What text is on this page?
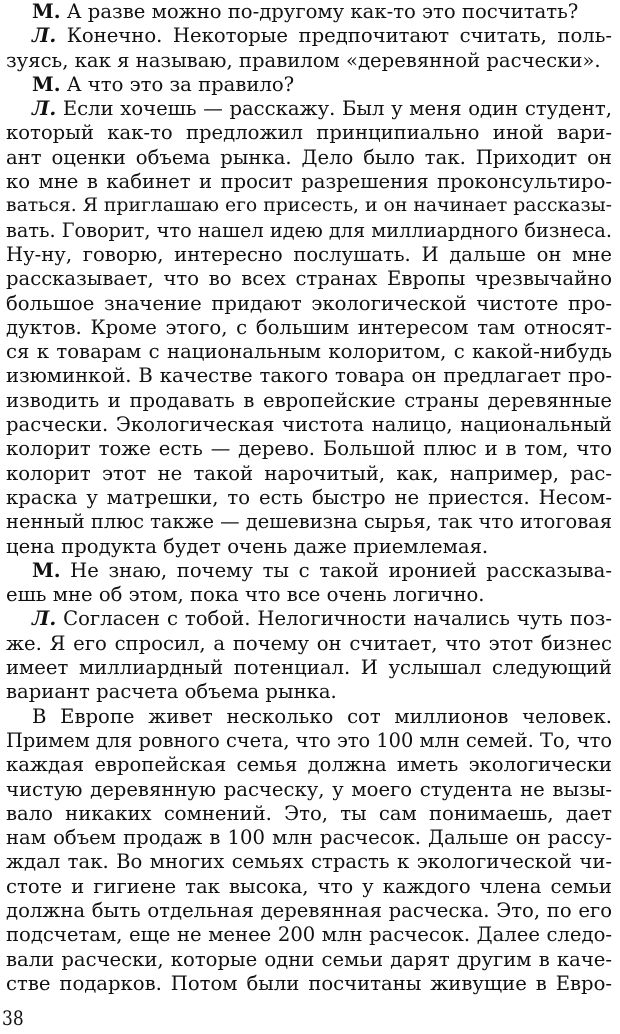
М. А разве можно по-другому как-то это посчитать?
Л. Конечно. Некоторые предпочитают считать, поль-
зуясь, как я называю, правилом «деревянной расчески».
М. А что это за правило?
Л. Если хочешь — расскажу. Был у меня один студент,
который как-то предложил принципиально иной вари-
ант оценки объема рынка. Дело было так. Приходит он
ко мне в кабинет и просит разрешения проконсультиро-
ваться. Я приглашаю его присесть, и он начинает рассказы-
вать. Говорит, что нашел идею для миллиардного бизнеса.
Ну-ну, говорю, интересно послушать. И дальше он мне
рассказывает, что во всех странах Европы чрезвычайно
большое значение придают экологической чистоте про-
дуктов. Кроме этого, с большим интересом там относят-
ся к товарам с национальным колоритом, с какой-нибудь
изюминкой. В качестве такого товара он предлагает про-
изводить и продавать в европейские страны деревянные
расчески. Экологическая чистота налицо, национальный
колорит тоже есть — дерево. Большой плюс и в том, что
колорит этот не такой нарочитый, как, например, рас-
краска у матрешки, то есть быстро не приестся. Несом-
ненный плюс также — дешевизна сырья, так что итоговая
цена продукта будет очень даже приемлемая.
М. Не знаю, почему ты с такой иронией рассказыва-
ешь мне об этом, пока что все очень логично.
Л. Согласен с тобой. Нелогичности начались чуть поз-
же. Я его спросил, а почему он считает, что этот бизнес
имеет миллиардный потенциал. И услышал следующий
вариант расчета объема рынка.
В Европе живет несколько сот миллионов человек.
Примем для ровного счета, что это 100 млн семей. То, что
каждая европейская семья должна иметь экологически
чистую деревянную расческу, у моего студента не вызы-
вало никаких сомнений. Это, ты сам понимаешь, дает
нам объем продаж в 100 млн расчесок. Дальше он рассу-
ждал так. Во многих семьях страсть к экологической чи-
стоте и гигиене так высока, что у каждого члена семьи
должна быть отдельная деревянная расческа. Это, по его
подсчетам, еще не менее 200 млн расчесок. Далее следо-
вали расчески, которые одни семьи дарят другим в каче-
стве подарков. Потом были посчитаны живущие в Евро-
38
